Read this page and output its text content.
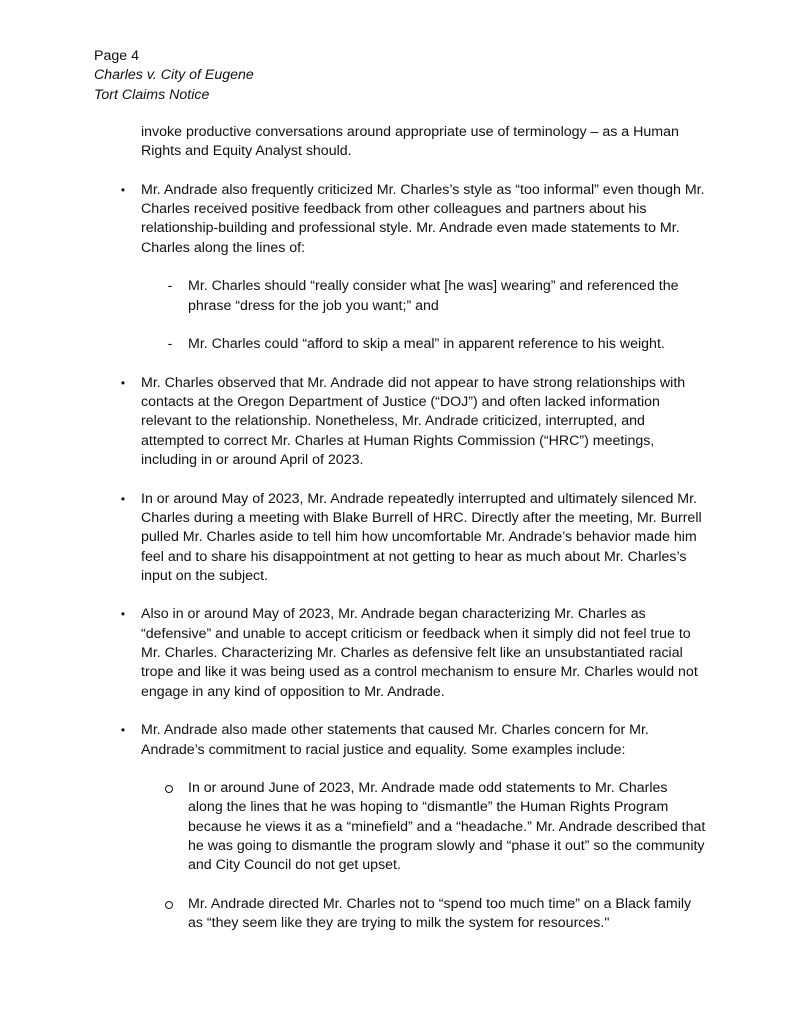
Page 4
Charles v. City of Eugene
Tort Claims Notice

invoke productive conversations around appropriate use of terminology – as a Human Rights and Equity Analyst should.

• Mr. Andrade also frequently criticized Mr. Charles’s style as “too informal” even though Mr. Charles received positive feedback from other colleagues and partners about his relationship-building and professional style. Mr. Andrade even made statements to Mr. Charles along the lines of:

- Mr. Charles should “really consider what [he was] wearing” and referenced the phrase “dress for the job you want;” and

- Mr. Charles could “afford to skip a meal” in apparent reference to his weight.

• Mr. Charles observed that Mr. Andrade did not appear to have strong relationships with contacts at the Oregon Department of Justice (“DOJ”) and often lacked information relevant to the relationship. Nonetheless, Mr. Andrade criticized, interrupted, and attempted to correct Mr. Charles at Human Rights Commission (“HRC”) meetings, including in or around April of 2023.

• In or around May of 2023, Mr. Andrade repeatedly interrupted and ultimately silenced Mr. Charles during a meeting with Blake Burrell of HRC. Directly after the meeting, Mr. Burrell pulled Mr. Charles aside to tell him how uncomfortable Mr. Andrade’s behavior made him feel and to share his disappointment at not getting to hear as much about Mr. Charles’s input on the subject.

• Also in or around May of 2023, Mr. Andrade began characterizing Mr. Charles as “defensive” and unable to accept criticism or feedback when it simply did not feel true to Mr. Charles. Characterizing Mr. Charles as defensive felt like an unsubstantiated racial trope and like it was being used as a control mechanism to ensure Mr. Charles would not engage in any kind of opposition to Mr. Andrade.

• Mr. Andrade also made other statements that caused Mr. Charles concern for Mr. Andrade’s commitment to racial justice and equality. Some examples include:

In or around June of 2023, Mr. Andrade made odd statements to Mr. Charles along the lines that he was hoping to “dismantle” the Human Rights Program because he views it as a “minefield” and a “headache.” Mr. Andrade described that he was going to dismantle the program slowly and “phase it out” so the community and City Council do not get upset.

Mr. Andrade directed Mr. Charles not to “spend too much time” on a Black family as “they seem like they are trying to milk the system for resources."
